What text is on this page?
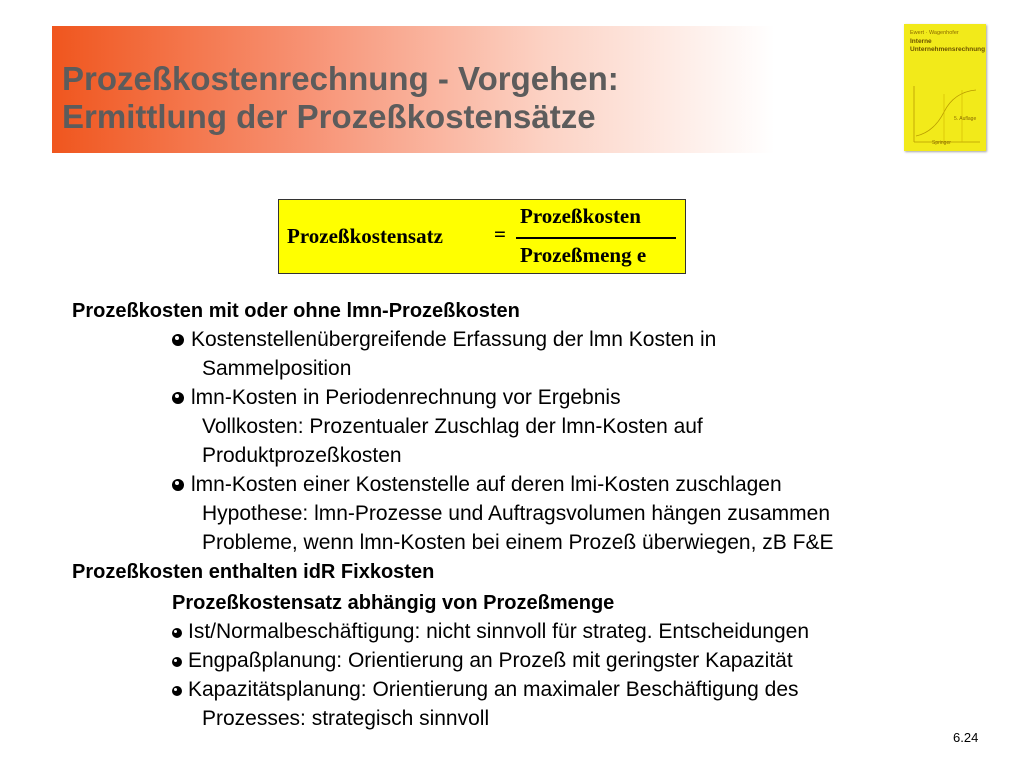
Prozeßkostenrechnung - Vorgehen:
Ermittlung der Prozeßkostensätze
Ewert · Wagenhofer
Interne
Unternehmensrechnung
5. Auflage
Springer
Prozeßkostensatz =
Prozeßkosten
Prozeßmeng e
Prozeßkosten mit oder ohne lmn-Prozeßkosten
Kostenstellenübergreifende Erfassung der lmn Kosten in
Sammelposition
lmn-Kosten in Periodenrechnung vor Ergebnis
Vollkosten: Prozentualer Zuschlag der lmn-Kosten auf
Produktprozeßkosten
lmn-Kosten einer Kostenstelle auf deren lmi-Kosten zuschlagen
Hypothese: lmn-Prozesse und Auftragsvolumen hängen zusammen
Probleme, wenn lmn-Kosten bei einem Prozeß überwiegen, zB F&E
Prozeßkosten enthalten idR Fixkosten
Prozeßkostensatz abhängig von Prozeßmenge
Ist/Normalbeschäftigung: nicht sinnvoll für strateg. Entscheidungen
Engpaßplanung: Orientierung an Prozeß mit geringster Kapazität
Kapazitätsplanung: Orientierung an maximaler Beschäftigung des
Prozesses: strategisch sinnvoll
6.24
